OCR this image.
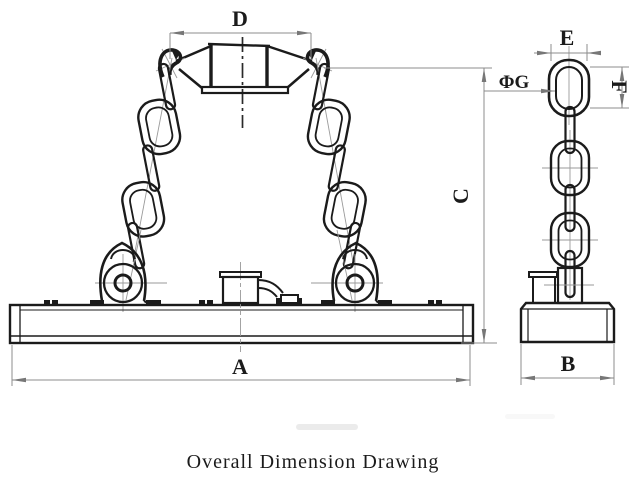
D
A
C
E
ΦG	F
B
Overall Dimension Drawing
